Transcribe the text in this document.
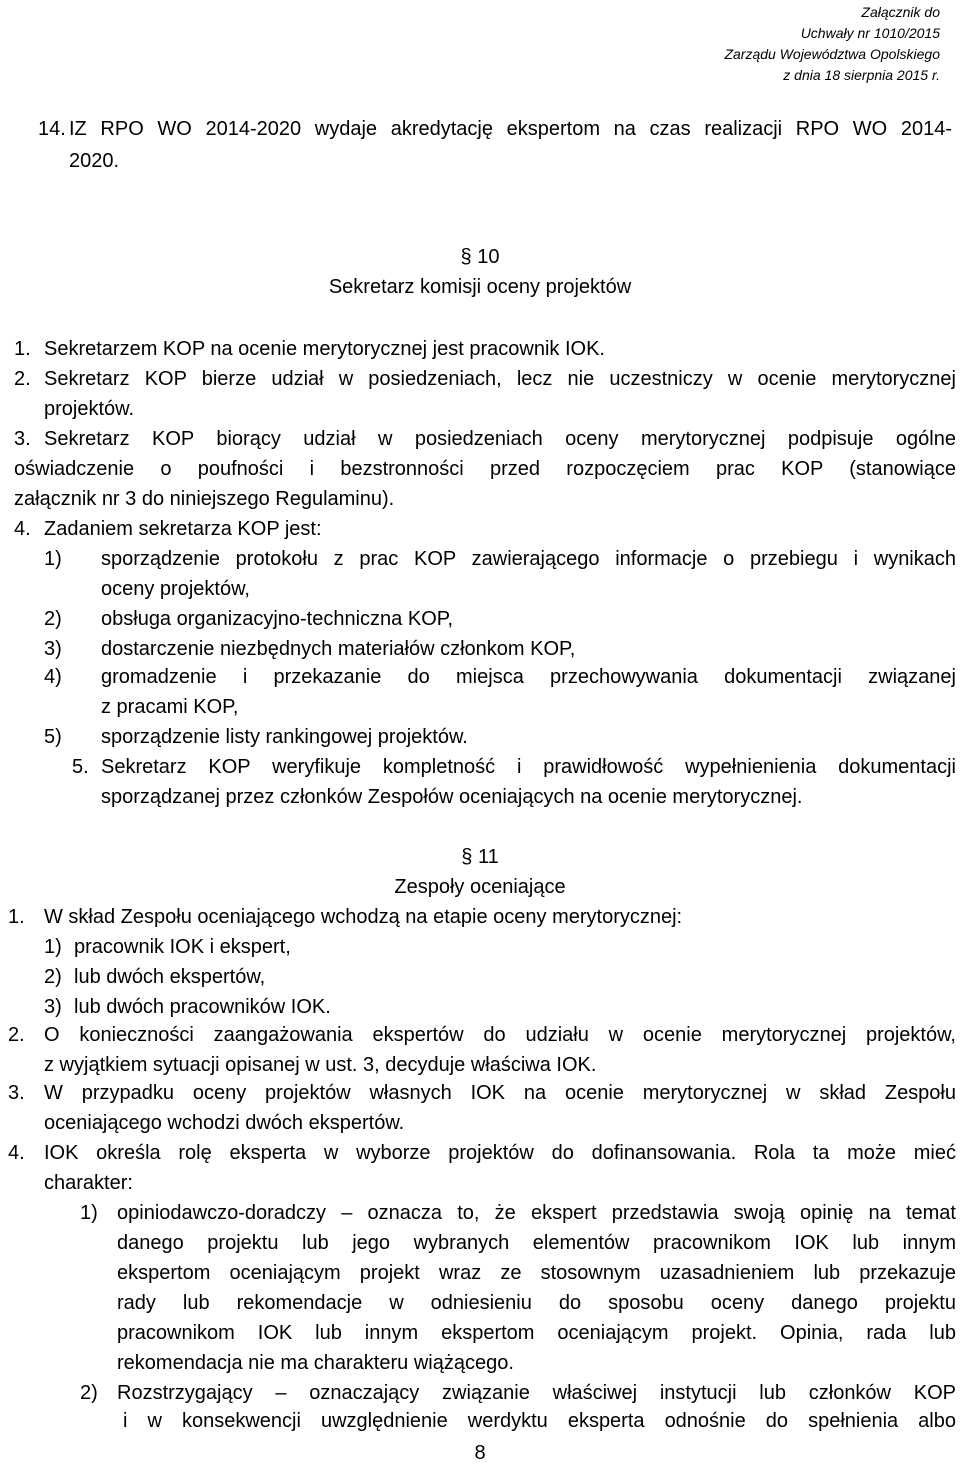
Załącznik do
Uchwały nr 1010/2015
Zarządu Województwa Opolskiego
z dnia 18 sierpnia 2015 r.
14. IZ RPO WO 2014-2020 wydaje akredytację ekspertom na czas realizacji RPO WO 2014-
2020.
§ 10
Sekretarz komisji oceny projektów
1. Sekretarzem KOP na ocenie merytorycznej jest pracownik IOK.
2. Sekretarz KOP bierze udział w posiedzeniach, lecz nie uczestniczy w ocenie merytorycznej
projektów.
3. Sekretarz KOP biorący udział w posiedzeniach oceny merytorycznej podpisuje ogólne
oświadczenie o poufności i bezstronności przed rozpoczęciem prac KOP (stanowiące
załącznik nr 3 do niniejszego Regulaminu).
4. Zadaniem sekretarza KOP jest:
1) sporządzenie protokołu z prac KOP zawierającego informacje o przebiegu i wynikach
oceny projektów,
2) obsługa organizacyjno-techniczna KOP,
3) dostarczenie niezbędnych materiałów członkom KOP,
4) gromadzenie i przekazanie do miejsca przechowywania dokumentacji związanej
z pracami KOP,
5) sporządzenie listy rankingowej projektów.
5. Sekretarz KOP weryfikuje kompletność i prawidłowość wypełnienienia dokumentacji
sporządzanej przez członków Zespołów oceniających na ocenie merytorycznej.
§ 11
Zespoły oceniające
1. W skład Zespołu oceniającego wchodzą na etapie oceny merytorycznej:
1) pracownik IOK i ekspert,
2) lub dwóch ekspertów,
3) lub dwóch pracowników IOK.
2. O konieczności zaangażowania ekspertów do udziału w ocenie merytorycznej projektów,
z wyjątkiem sytuacji opisanej w ust. 3, decyduje właściwa IOK.
3. W przypadku oceny projektów własnych IOK na ocenie merytorycznej w skład Zespołu
oceniającego wchodzi dwóch ekspertów.
4. IOK określa rolę eksperta w wyborze projektów do dofinansowania. Rola ta może mieć
charakter:
1) opiniodawczo-doradczy – oznacza to, że ekspert przedstawia swoją opinię na temat
danego projektu lub jego wybranych elementów pracownikom IOK lub innym
ekspertom oceniającym projekt wraz ze stosownym uzasadnieniem lub przekazuje
rady lub rekomendacje w odniesieniu do sposobu oceny danego projektu
pracownikom IOK lub innym ekspertom oceniającym projekt. Opinia, rada lub
rekomendacja nie ma charakteru wiążącego.
2) Rozstrzygający – oznaczający związanie właściwej instytucji lub członków KOP
i w konsekwencji uwzględnienie werdyktu eksperta odnośnie do spełnienia albo
8
